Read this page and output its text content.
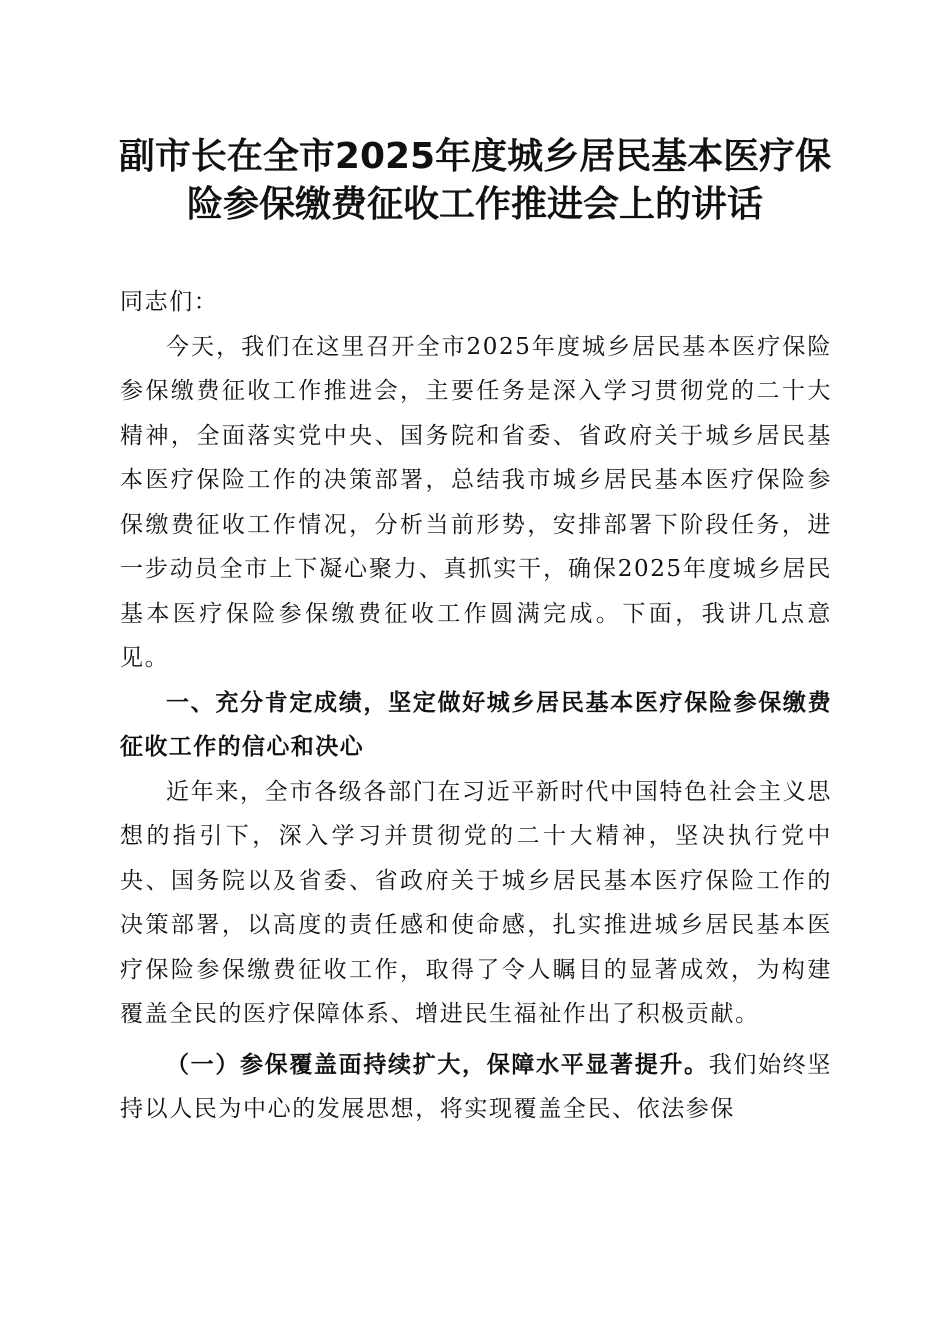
副市长在全市2025年度城乡居民基本医疗保
险参保缴费征收工作推进会上的讲话

同志们：

今天，我们在这里召开全市2025年度城乡居民基本医疗保险参保缴费征收工作推进会，主要任务是深入学习贯彻党的二十大精神，全面落实党中央、国务院和省委、省政府关于城乡居民基本医疗保险工作的决策部署，总结我市城乡居民基本医疗保险参保缴费征收工作情况，分析当前形势，安排部署下阶段任务，进一步动员全市上下凝心聚力、真抓实干，确保2025年度城乡居民基本医疗保险参保缴费征收工作圆满完成。下面，我讲几点意见。

一、充分肯定成绩，坚定做好城乡居民基本医疗保险参保缴费征收工作的信心和决心

近年来，全市各级各部门在习近平新时代中国特色社会主义思想的指引下，深入学习并贯彻党的二十大精神，坚决执行党中央、国务院以及省委、省政府关于城乡居民基本医疗保险工作的决策部署，以高度的责任感和使命感，扎实推进城乡居民基本医疗保险参保缴费征收工作，取得了令人瞩目的显著成效，为构建覆盖全民的医疗保障体系、增进民生福祉作出了积极贡献。

（一）参保覆盖面持续扩大，保障水平显著提升。我们始终坚持以人民为中心的发展思想，将实现覆盖全民、依法参保
